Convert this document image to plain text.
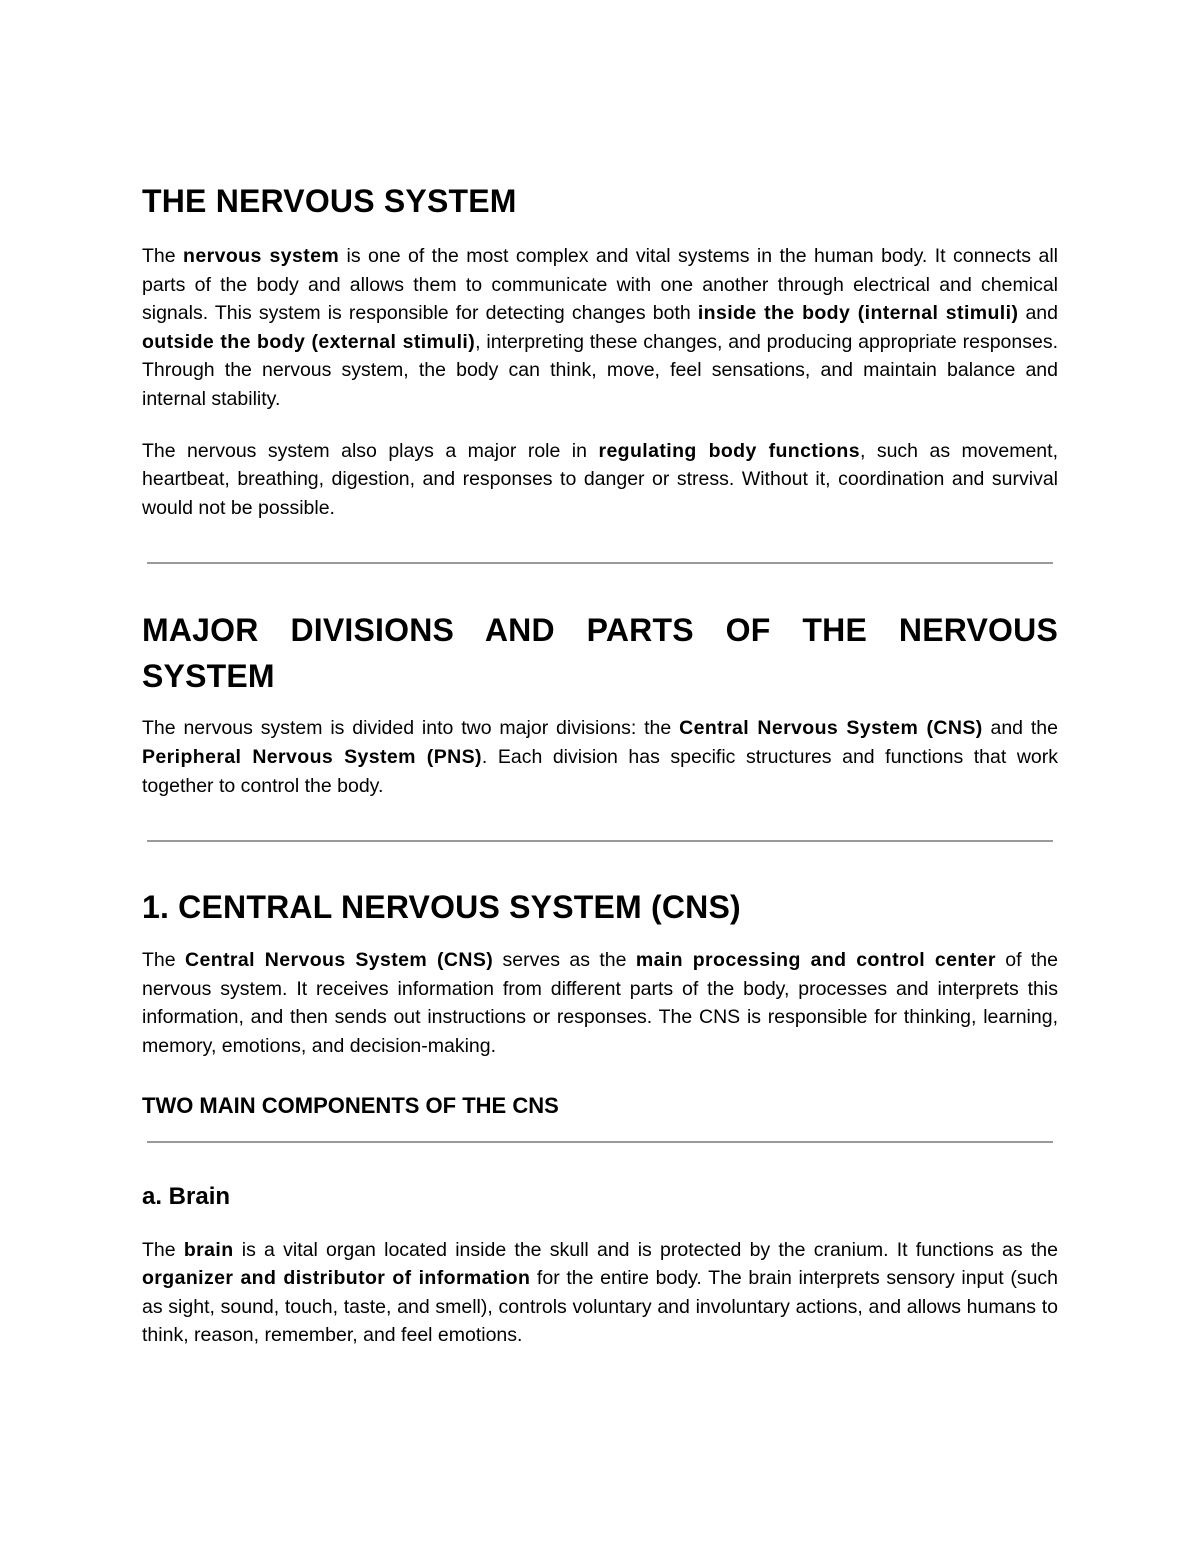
THE NERVOUS SYSTEM

The nervous system is one of the most complex and vital systems in the human body. It connects all parts of the body and allows them to communicate with one another through electrical and chemical signals. This system is responsible for detecting changes both inside the body (internal stimuli) and outside the body (external stimuli), interpreting these changes, and producing appropriate responses. Through the nervous system, the body can think, move, feel sensations, and maintain balance and internal stability.

The nervous system also plays a major role in regulating body functions, such as movement, heartbeat, breathing, digestion, and responses to danger or stress. Without it, coordination and survival would not be possible.

MAJOR DIVISIONS AND PARTS OF THE NERVOUS SYSTEM

The nervous system is divided into two major divisions: the Central Nervous System (CNS) and the Peripheral Nervous System (PNS). Each division has specific structures and functions that work together to control the body.

1. CENTRAL NERVOUS SYSTEM (CNS)

The Central Nervous System (CNS) serves as the main processing and control center of the nervous system. It receives information from different parts of the body, processes and interprets this information, and then sends out instructions or responses. The CNS is responsible for thinking, learning, memory, emotions, and decision-making.

TWO MAIN COMPONENTS OF THE CNS
a. Brain

The brain is a vital organ located inside the skull and is protected by the cranium. It functions as the organizer and distributor of information for the entire body. The brain interprets sensory input (such as sight, sound, touch, taste, and smell), controls voluntary and involuntary actions, and allows humans to think, reason, remember, and feel emotions.
